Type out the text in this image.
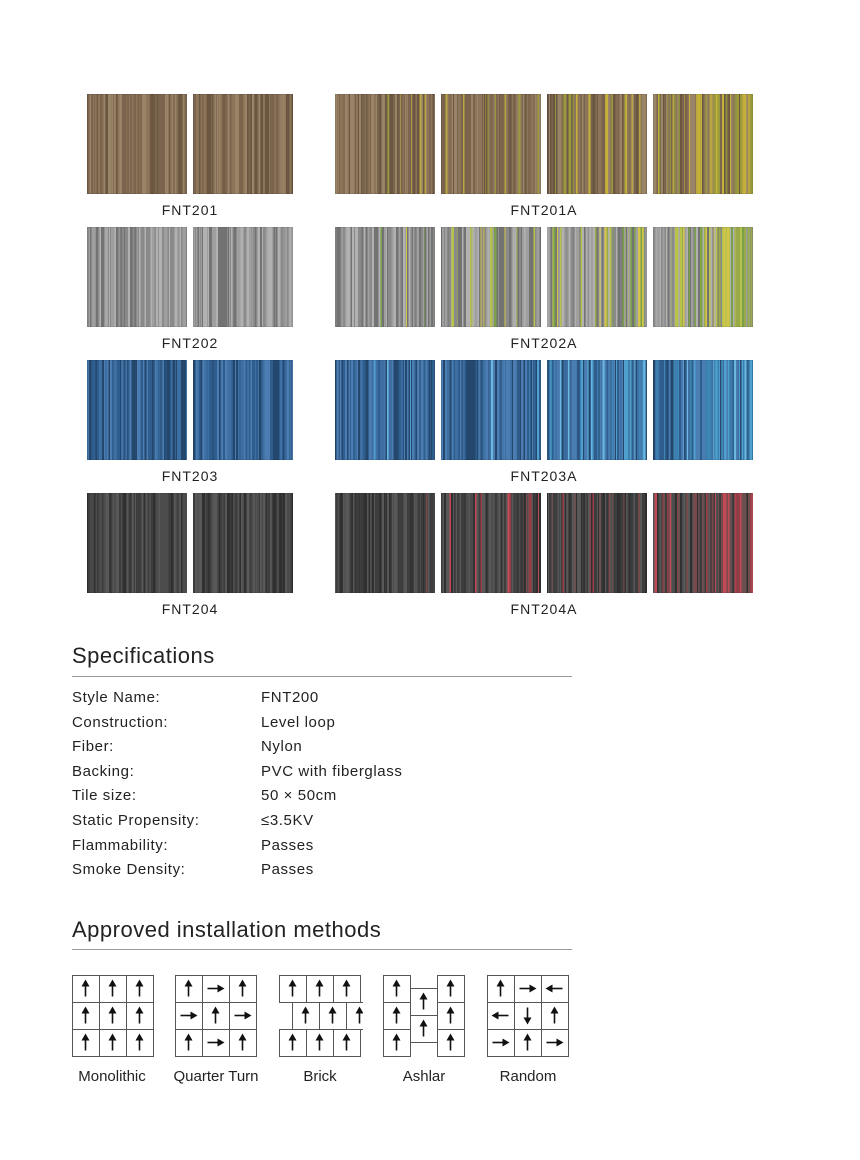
FNT201	FNT201A
FNT202	FNT202A
FNT203	FNT203A
FNT204	FNT204A
Specifications
Style Name:	FNT200
Construction:	Level loop
Fiber:	Nylon
Backing:	PVC with fiberglass
Tile size:	50 × 50cm
Static Propensity:	≤3.5KV
Flammability:	Passes
Smoke Density:	Passes
Approved installation methods
Monolithic	Quarter Turn	Brick	Ashlar	Random
